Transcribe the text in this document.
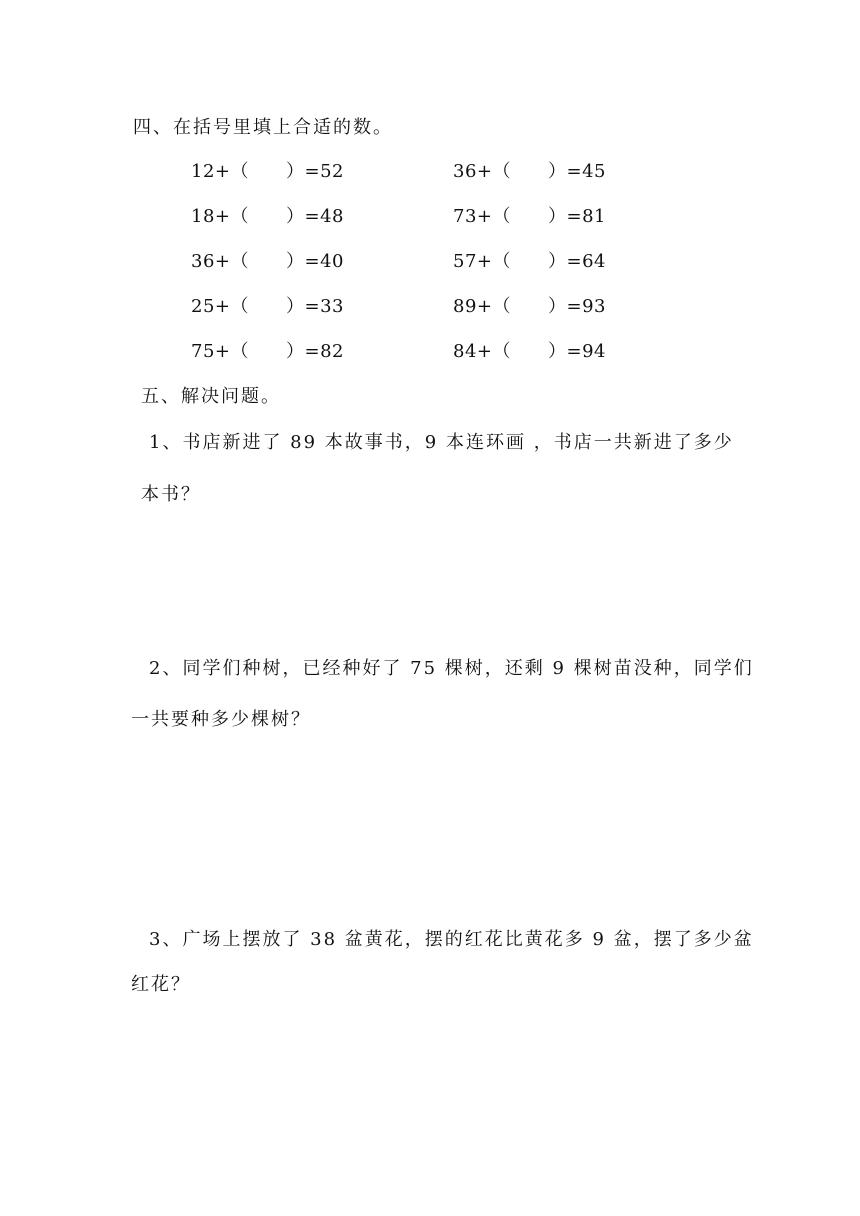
四、在括号里填上合适的数。
12+（　　）=52
18+（　　）=48
36+（　　）=40
25+（　　）=33
75+（　　）=82
36+（　　）=45
73+（　　）=81
57+（　　）=64
89+（　　）=93
84+（　　）=94
五、解决问题。
1、书店新进了 89 本故事书，9 本连环画 ，书店一共新进了多少
本书？
2、同学们种树，已经种好了 75 棵树，还剩 9 棵树苗没种，同学们
一共要种多少棵树？
3、广场上摆放了 38 盆黄花，摆的红花比黄花多 9 盆，摆了多少盆
红花？
